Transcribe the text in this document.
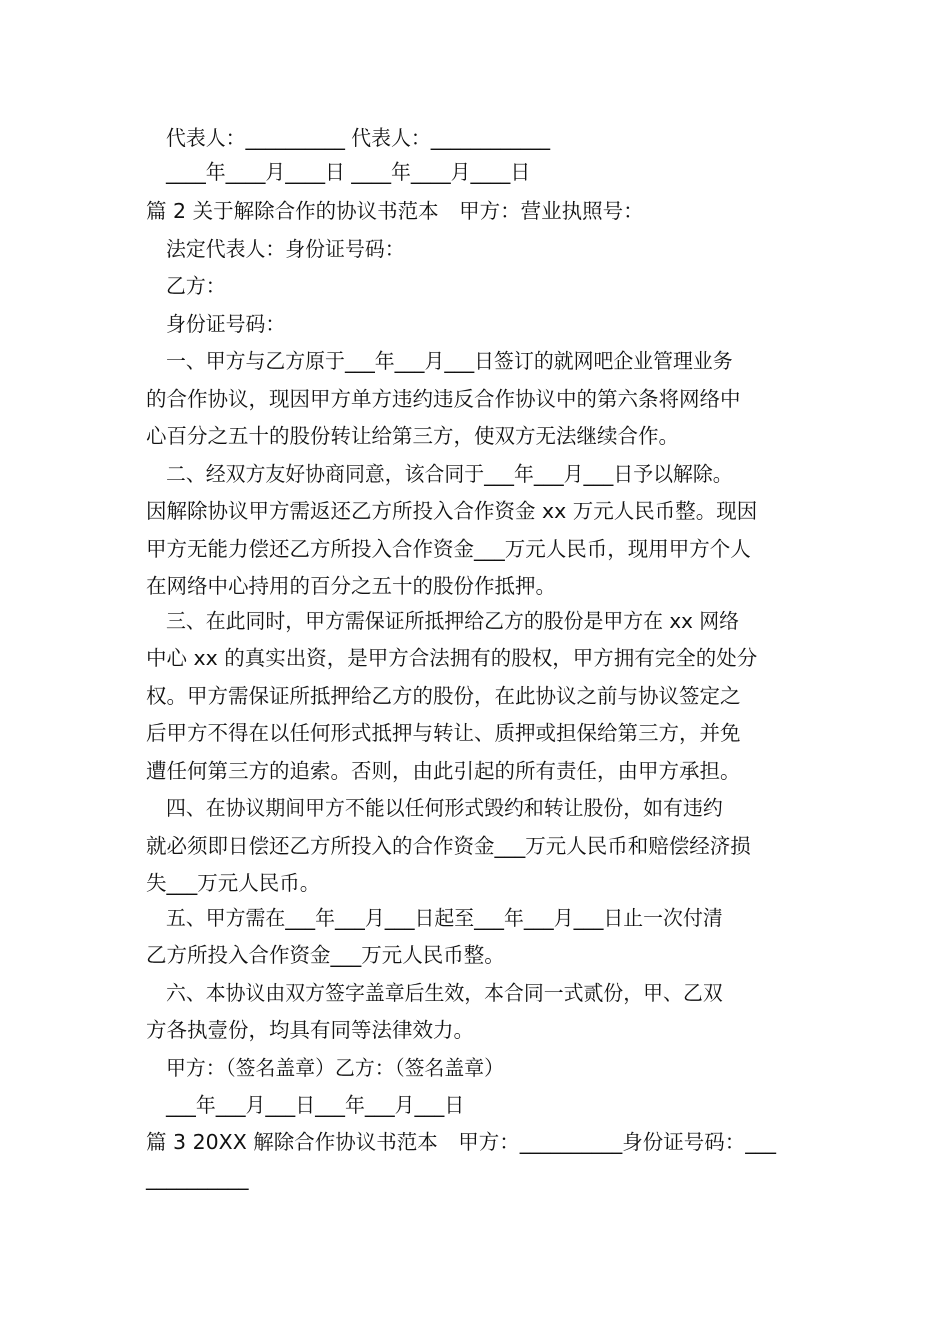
代表人：__________ 代表人：____________
____年____月____日 ____年____月____日
篇 2 关于解除合作的协议书范本　甲方：营业执照号：
法定代表人：身份证号码：
乙方：
身份证号码：
一、甲方与乙方原于___年___月___日签订的就网吧企业管理业务
的合作协议，现因甲方单方违约违反合作协议中的第六条将网络中
心百分之五十的股份转让给第三方，使双方无法继续合作。
二、经双方友好协商同意，该合同于___年___月___日予以解除。
因解除协议甲方需返还乙方所投入合作资金 xx 万元人民币整。现因
甲方无能力偿还乙方所投入合作资金___万元人民币，现用甲方个人
在网络中心持用的百分之五十的股份作抵押。
三、在此同时，甲方需保证所抵押给乙方的股份是甲方在 xx 网络
中心 xx 的真实出资，是甲方合法拥有的股权，甲方拥有完全的处分
权。甲方需保证所抵押给乙方的股份，在此协议之前与协议签定之
后甲方不得在以任何形式抵押与转让、质押或担保给第三方，并免
遭任何第三方的追索。否则，由此引起的所有责任，由甲方承担。
四、在协议期间甲方不能以任何形式毁约和转让股份，如有违约
就必须即日偿还乙方所投入的合作资金___万元人民币和赔偿经济损
失___万元人民币。
五、甲方需在___年___月___日起至___年___月___日止一次付清
乙方所投入合作资金___万元人民币整。
六、本协议由双方签字盖章后生效，本合同一式贰份，甲、乙双
方各执壹份，均具有同等法律效力。
甲方：（签名盖章）乙方：（签名盖章）
___年___月___日___年___月___日
篇 3 20XX 解除合作协议书范本　甲方：__________身份证号码：___
__________
